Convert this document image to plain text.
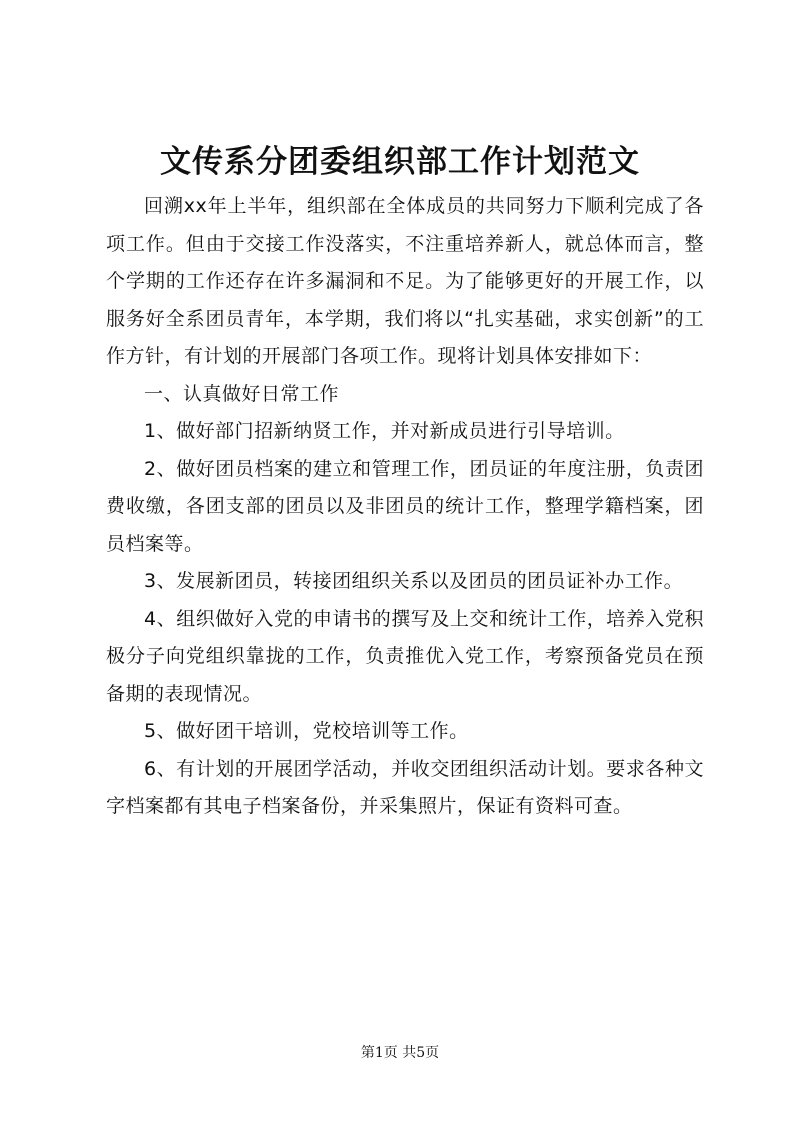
文传系分团委组织部工作计划范文

回溯xx年上半年，组织部在全体成员的共同努力下顺利完成了各项工作。但由于交接工作没落实，不注重培养新人，就总体而言，整个学期的工作还存在许多漏洞和不足。为了能够更好的开展工作，以服务好全系团员青年，本学期，我们将以“扎实基础，求实创新”的工作方针，有计划的开展部门各项工作。现将计划具体安排如下：

一、认真做好日常工作

1、做好部门招新纳贤工作，并对新成员进行引导培训。

2、做好团员档案的建立和管理工作，团员证的年度注册，负责团费收缴，各团支部的团员以及非团员的统计工作，整理学籍档案，团员档案等。

3、发展新团员，转接团组织关系以及团员的团员证补办工作。

4、组织做好入党的申请书的撰写及上交和统计工作，培养入党积极分子向党组织靠拢的工作，负责推优入党工作，考察预备党员在预备期的表现情况。

5、做好团干培训，党校培训等工作。

6、有计划的开展团学活动，并收交团组织活动计划。要求各种文字档案都有其电子档案备份，并采集照片，保证有资料可查。

第1页 共5页
